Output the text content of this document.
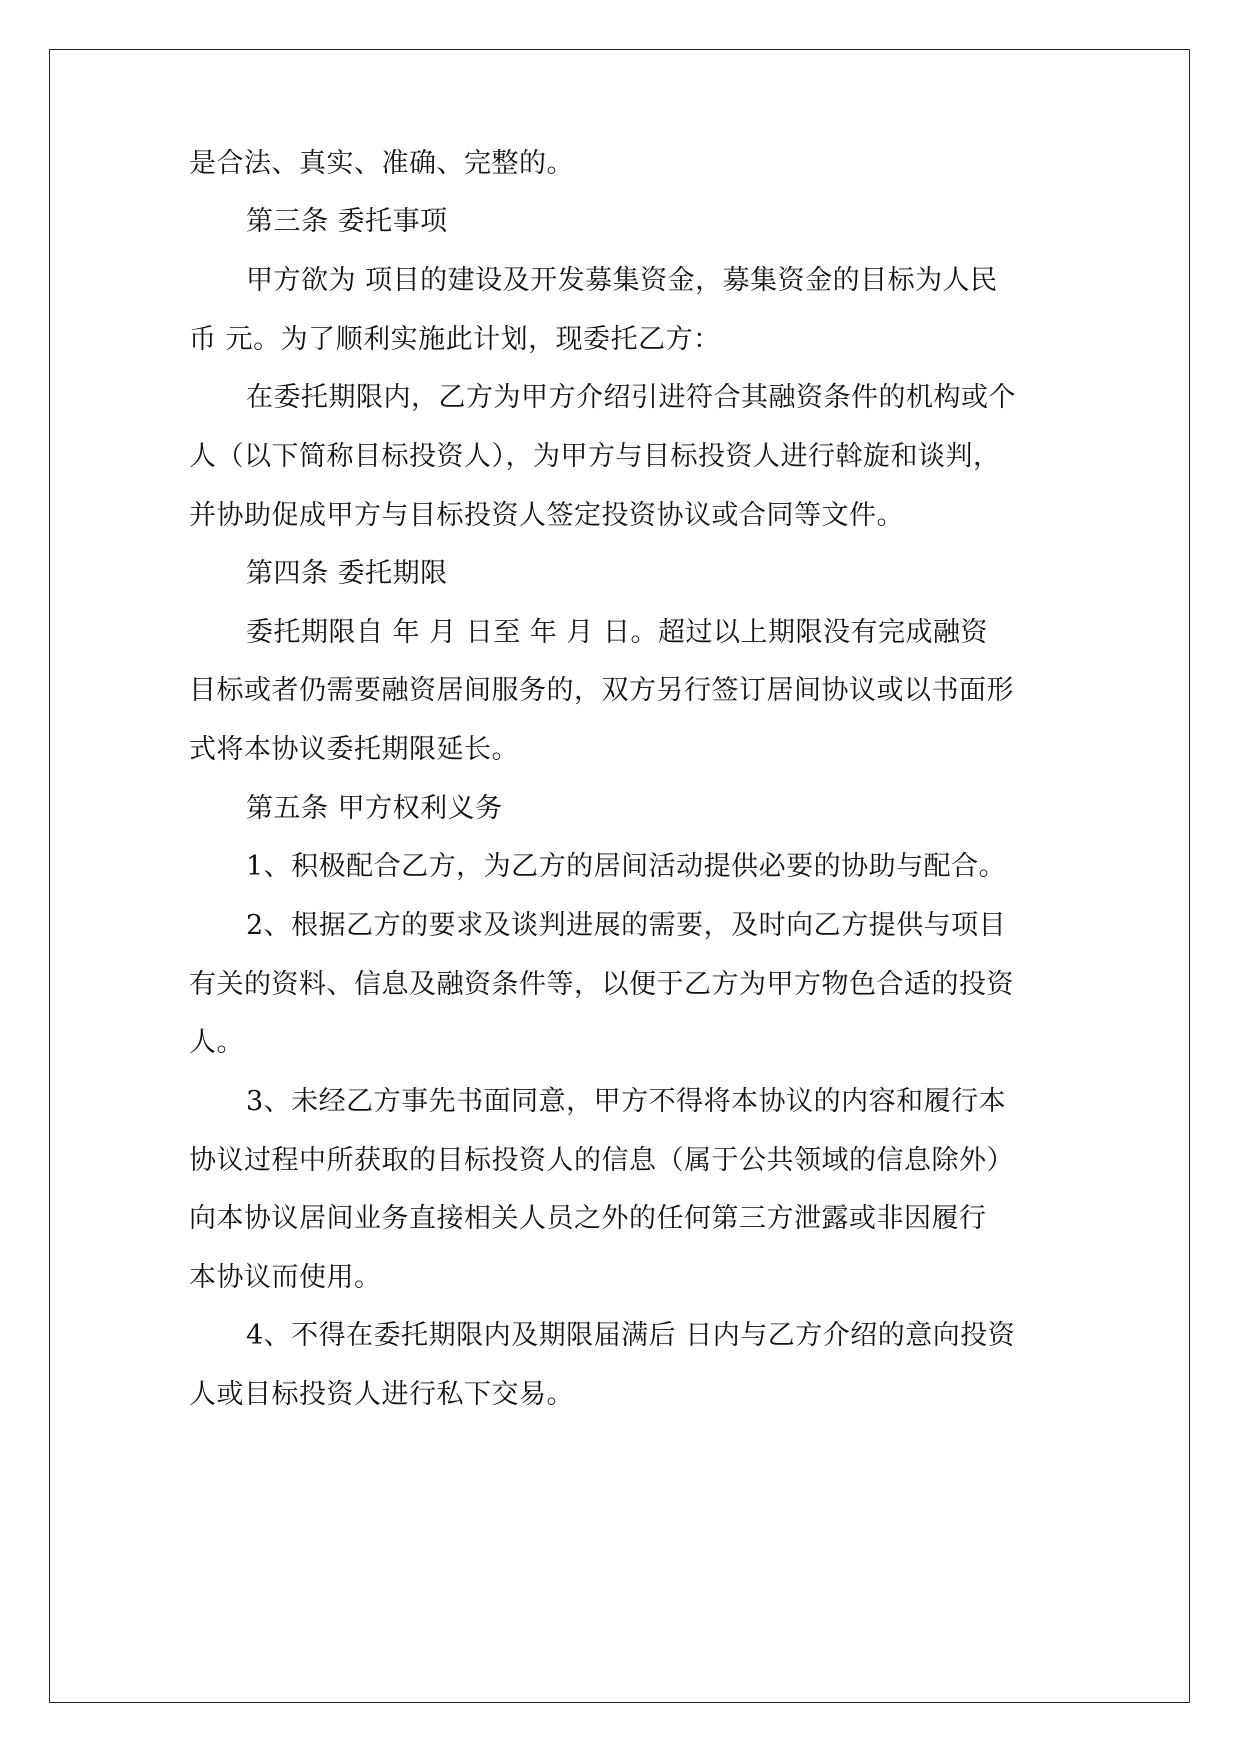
是合法、真实、准确、完整的。
第三条 委托事项
甲方欲为 项目的建设及开发募集资金，募集资金的目标为人民
币 元。为了顺利实施此计划，现委托乙方：
在委托期限内，乙方为甲方介绍引进符合其融资条件的机构或个
人（以下简称目标投资人），为甲方与目标投资人进行斡旋和谈判，
并协助促成甲方与目标投资人签定投资协议或合同等文件。
第四条 委托期限
委托期限自 年 月 日至 年 月 日。超过以上期限没有完成融资
目标或者仍需要融资居间服务的，双方另行签订居间协议或以书面形
式将本协议委托期限延长。
第五条 甲方权利义务
1、积极配合乙方，为乙方的居间活动提供必要的协助与配合。
2、根据乙方的要求及谈判进展的需要，及时向乙方提供与项目
有关的资料、信息及融资条件等，以便于乙方为甲方物色合适的投资
人。
3、未经乙方事先书面同意，甲方不得将本协议的内容和履行本
协议过程中所获取的目标投资人的信息（属于公共领域的信息除外）
向本协议居间业务直接相关人员之外的任何第三方泄露或非因履行
本协议而使用。
4、不得在委托期限内及期限届满后 日内与乙方介绍的意向投资
人或目标投资人进行私下交易。
